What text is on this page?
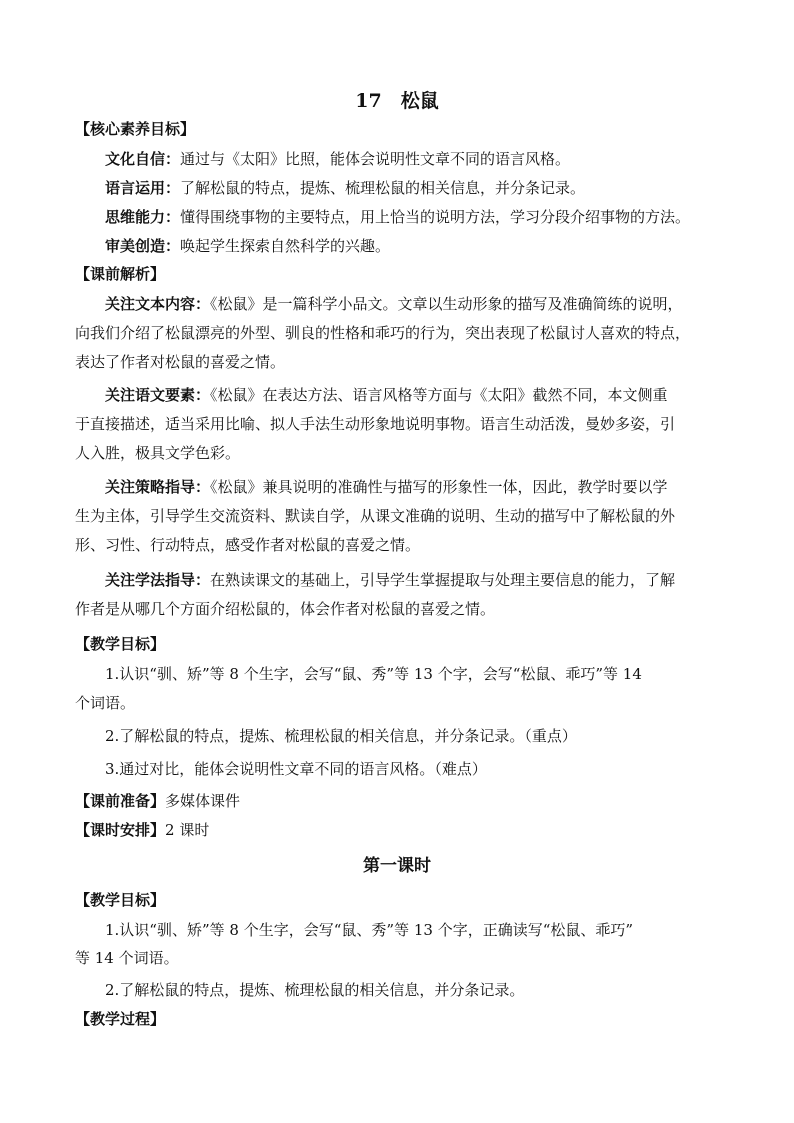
17　松鼠
【核心素养目标】
文化自信：通过与《太阳》比照，能体会说明性文章不同的语言风格。
语言运用：了解松鼠的特点，提炼、梳理松鼠的相关信息，并分条记录。
思维能力：懂得围绕事物的主要特点，用上恰当的说明方法，学习分段介绍事物的方法。
审美创造：唤起学生探索自然科学的兴趣。
【课前解析】
关注文本内容：《松鼠》是一篇科学小品文。文章以生动形象的描写及准确简练的说明，
向我们介绍了松鼠漂亮的外型、驯良的性格和乖巧的行为，突出表现了松鼠讨人喜欢的特点，
表达了作者对松鼠的喜爱之情。
关注语文要素：《松鼠》在表达方法、语言风格等方面与《太阳》截然不同，本文侧重
于直接描述，适当采用比喻、拟人手法生动形象地说明事物。语言生动活泼，曼妙多姿，引
人入胜，极具文学色彩。
关注策略指导：《松鼠》兼具说明的准确性与描写的形象性一体，因此，教学时要以学
生为主体，引导学生交流资料、默读自学，从课文准确的说明、生动的描写中了解松鼠的外
形、习性、行动特点，感受作者对松鼠的喜爱之情。
关注学法指导：在熟读课文的基础上，引导学生掌握提取与处理主要信息的能力，了解
作者是从哪几个方面介绍松鼠的，体会作者对松鼠的喜爱之情。
【教学目标】
1.认识“驯、矫”等 8 个生字，会写“鼠、秀”等 13 个字，会写“松鼠、乖巧”等 14
个词语。
2.了解松鼠的特点，提炼、梳理松鼠的相关信息，并分条记录。（重点）
3.通过对比，能体会说明性文章不同的语言风格。（难点）
【课前准备】多媒体课件
【课时安排】2 课时
第一课时
【教学目标】
1.认识“驯、矫”等 8 个生字，会写“鼠、秀”等 13 个字，正确读写“松鼠、乖巧”
等 14 个词语。
2.了解松鼠的特点，提炼、梳理松鼠的相关信息，并分条记录。
【教学过程】
